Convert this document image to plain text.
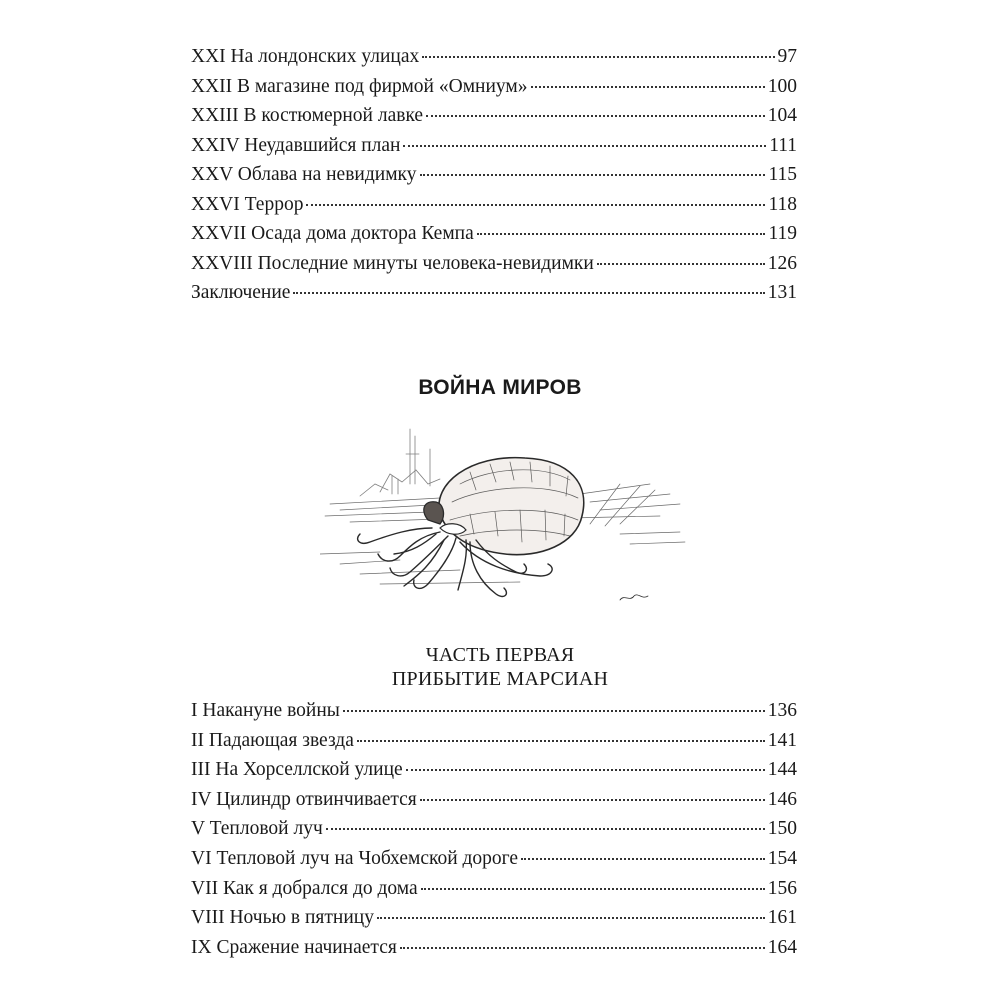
XXI На лондонских улицах	97
XXII В магазине под фирмой «Омниум»	100
XXIII В костюмерной лавке	104
XXIV Неудавшийся план	111
XXV Облава на невидимку	115
XXVI Террор	118
XXVII Осада дома доктора Кемпа	119
XXVIII Последние минуты человека-невидимки	126
Заключение	131
ВОЙНА МИРОВ
ЧАСТЬ ПЕРВАЯ
ПРИБЫТИЕ МАРСИАН
I Накануне войны	136
II Падающая звезда	141
III На Хорселлской улице	144
IV Цилиндр отвинчивается	146
V Тепловой луч	150
VI Тепловой луч на Чобхемской дороге	154
VII Как я добрался до дома	156
VIII Ночью в пятницу	161
IX Сражение начинается	164
